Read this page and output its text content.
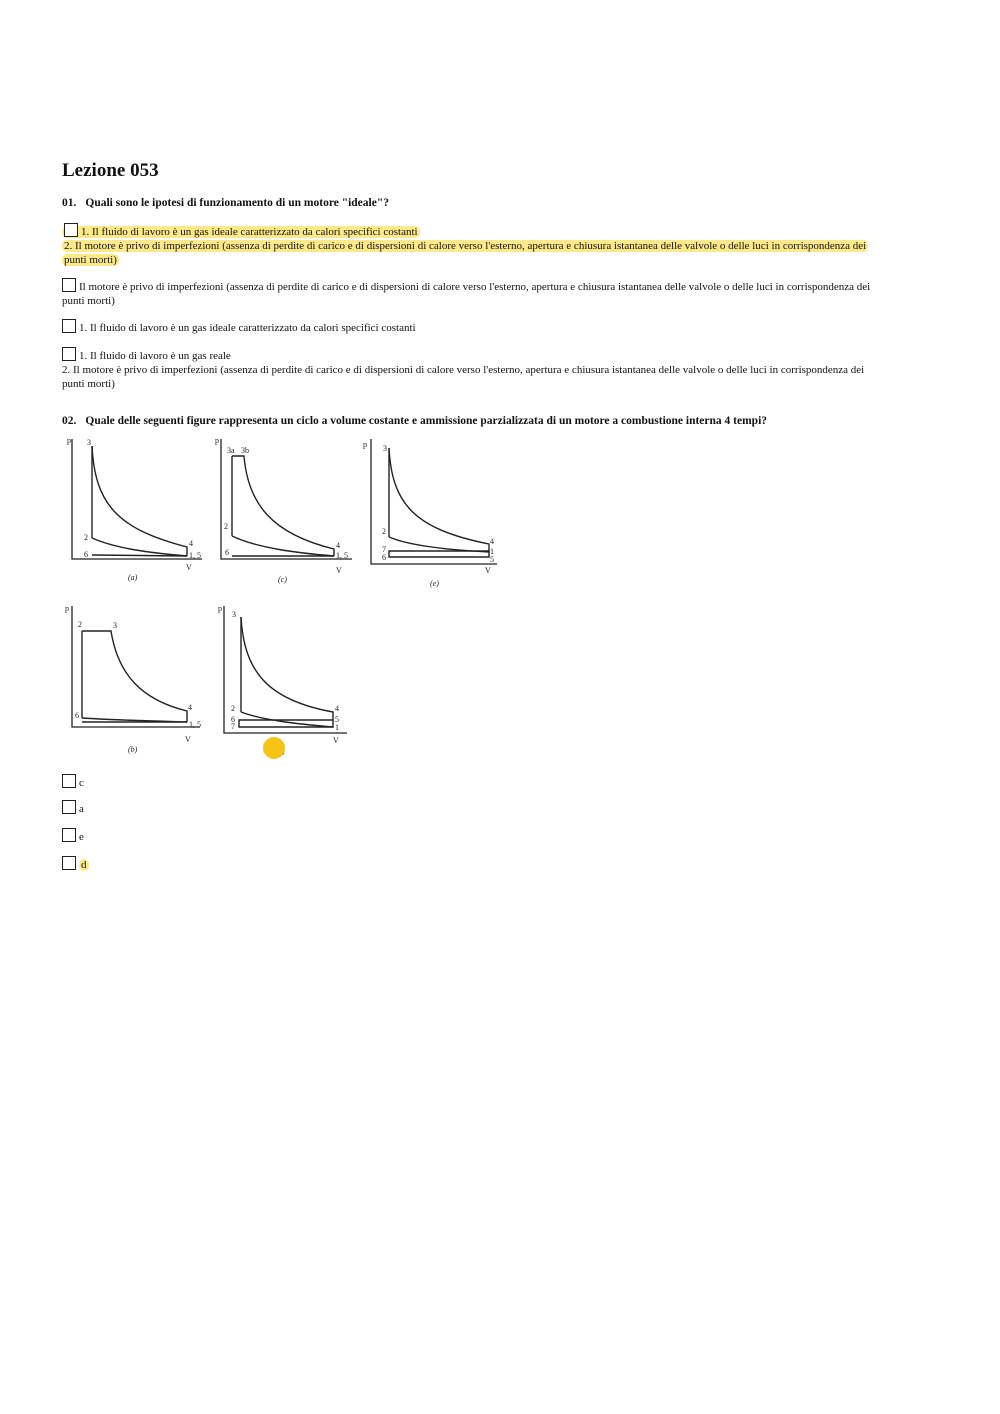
Lezione 053
01. Quali sono le ipotesi di funzionamento di un motore "ideale"?
1. Il fluido di lavoro è un gas ideale caratterizzato da calori specifici costanti
2. Il motore è privo di imperfezioni (assenza di perdite di carico e di dispersioni di calore verso l'esterno, apertura e chiusura istantanea delle valvole o delle luci in corrispondenza dei punti morti)
Il motore è privo di imperfezioni (assenza di perdite di carico e di dispersioni di calore verso l'esterno, apertura e chiusura istantanea delle valvole o delle luci in corrispondenza dei punti morti)
1. Il fluido di lavoro è un gas ideale caratterizzato da calori specifici costanti
1. Il fluido di lavoro è un gas reale
2. Il motore è privo di imperfezioni (assenza di perdite di carico e di dispersioni di calore verso l'esterno, apertura e chiusura istantanea delle valvole o delle luci in corrispondenza dei punti morti)
02. Quale delle seguenti figure rappresenta un ciclo a volume costante e ammissione parzializzata di un motore a combustione interna 4 tempi?
p
V
3
2
6
4
1, 5
(a)
p
V
3a 3b
2
6
4
1, 5
(c)
p
V
3
2
7
6
4
1
5
(e)
p
V
2	3
6
4
1, 5
(b)
p
V
3
2
6
7
4
5
1
c
a
e
d
